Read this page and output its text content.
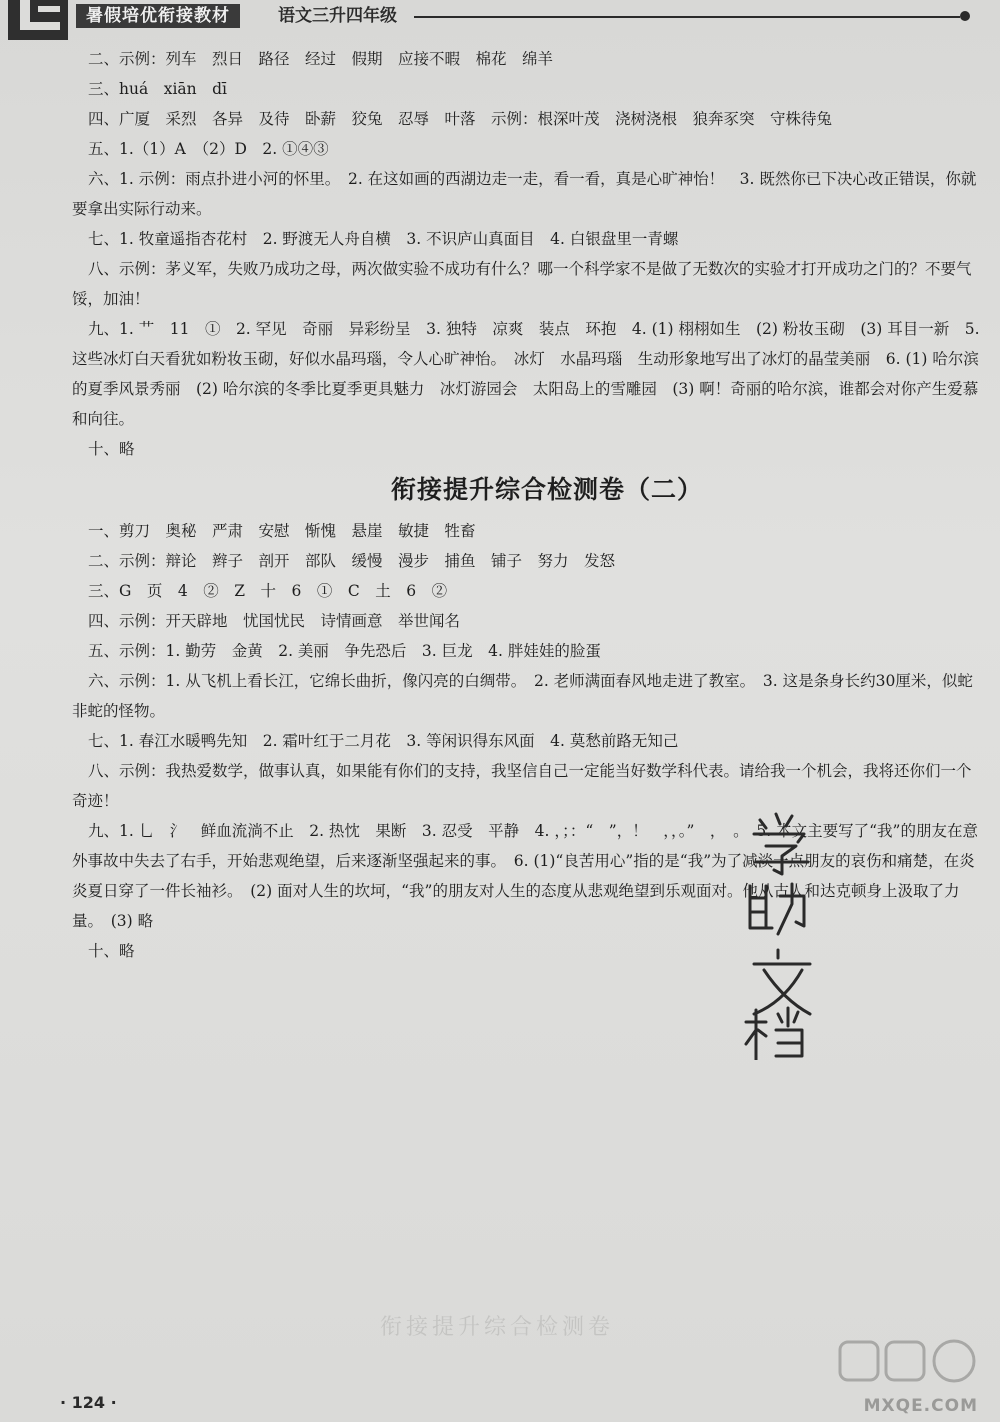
暑假培优衔接教材	语文三升四年级

二、示例：列车　烈日　路径　经过　假期　应接不暇　棉花　绵羊

三、huá　xiān　dī

四、广厦　采烈　各异　及待　卧薪　狡兔　忍辱　叶落　示例：根深叶茂　浇树浇根　狼奔豕突　守株待兔

五、1.（1）A　（2）D　2. ①④③

六、1. 示例：雨点扑进小河的怀里。　2. 在这如画的西湖边走一走，看一看，真是心旷神怡！　3. 既然你已下决心改正错误，你就要拿出实际行动来。

七、1. 牧童遥指杏花村　2. 野渡无人舟自横　3. 不识庐山真面目　4. 白银盘里一青螺

八、示例：茅义军，失败乃成功之母，两次做实验不成功有什么？哪一个科学家不是做了无数次的实验才打开成功之门的？不要气馁，加油！

九、1. 艹　11　①　2. 罕见　奇丽　异彩纷呈　3. 独特　凉爽　装点　环抱　4. (1) 栩栩如生　(2) 粉妆玉砌　(3) 耳目一新　5. 这些冰灯白天看犹如粉妆玉砌，好似水晶玛瑙，令人心旷神怡。　冰灯　水晶玛瑙　生动形象地写出了冰灯的晶莹美丽　6. (1) 哈尔滨的夏季风景秀丽　(2) 哈尔滨的冬季比夏季更具魅力　冰灯游园会　太阳岛上的雪雕园　(3) 啊！奇丽的哈尔滨，谁都会对你产生爱慕和向往。

十、略

衔接提升综合检测卷（二）

一、剪刀　奥秘　严肃　安慰　惭愧　悬崖　敏捷　牲畜

二、示例：辩论　辫子　剖开　部队　缓慢　漫步　捕鱼　铺子　努力　发怒

三、G　页　4　②　Z　十　6　①　C　土　6　②

四、示例：开天辟地　忧国忧民　诗情画意　举世闻名

五、示例：1. 勤劳　金黄　2. 美丽　争先恐后　3. 巨龙　4. 胖娃娃的脸蛋

六、示例：1. 从飞机上看长江，它绵长曲折，像闪亮的白绸带。　2. 老师满面春风地走进了教室。　3. 这是条身长约30厘米，似蛇非蛇的怪物。

七、1. 春江水暖鸭先知　2. 霜叶红于二月花　3. 等闲识得东风面　4. 莫愁前路无知己

八、示例：我热爱数学，做事认真，如果能有你们的支持，我坚信自己一定能当好数学科代表。请给我一个机会，我将还你们一个奇迹！

九、1. 乚　氵　鲜血流淌不止　2. 热忱　果断　3. 忍受　平静　4. ，；：“　”，！　，，。”　，　。　5. 本文主要写了“我”的朋友在意外事故中失去了右手，开始悲观绝望，后来逐渐坚强起来的事。　6. (1)“良苦用心”指的是“我”为了减淡一点朋友的哀伤和痛楚，在炎炎夏日穿了一件长袖衫。　(2) 面对人生的坎坷，“我”的朋友对人生的态度从悲观绝望到乐观面对。他从古人和达克顿身上汲取了力量。　(3) 略

十、略

衔接提升综合检测卷
MXQE.COM
· 124 ·
